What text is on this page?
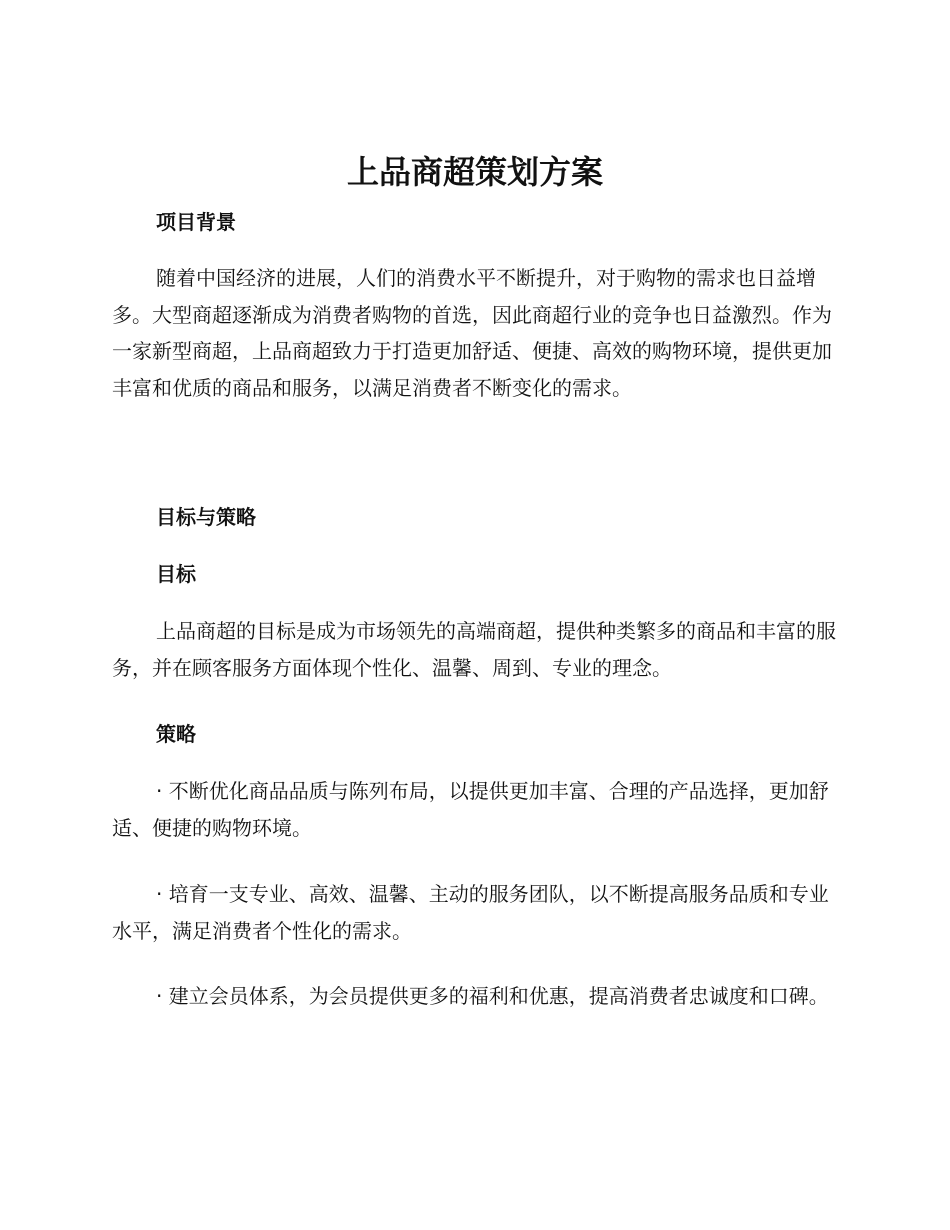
上品商超策划方案
项目背景

随着中国经济的进展，人们的消费水平不断提升，对于购物的需求也日益增多。大型商超逐渐成为消费者购物的首选，因此商超行业的竞争也日益激烈。作为一家新型商超，上品商超致力于打造更加舒适、便捷、高效的购物环境，提供更加丰富和优质的商品和服务，以满足消费者不断变化的需求。

目标与策略
目标

上品商超的目标是成为市场领先的高端商超，提供种类繁多的商品和丰富的服务，并在顾客服务方面体现个性化、温馨、周到、专业的理念。

策略

· 不断优化商品品质与陈列布局，以提供更加丰富、合理的产品选择，更加舒适、便捷的购物环境。

· 培育一支专业、高效、温馨、主动的服务团队，以不断提高服务品质和专业水平，满足消费者个性化的需求。

· 建立会员体系，为会员提供更多的福利和优惠，提高消费者忠诚度和口碑。
